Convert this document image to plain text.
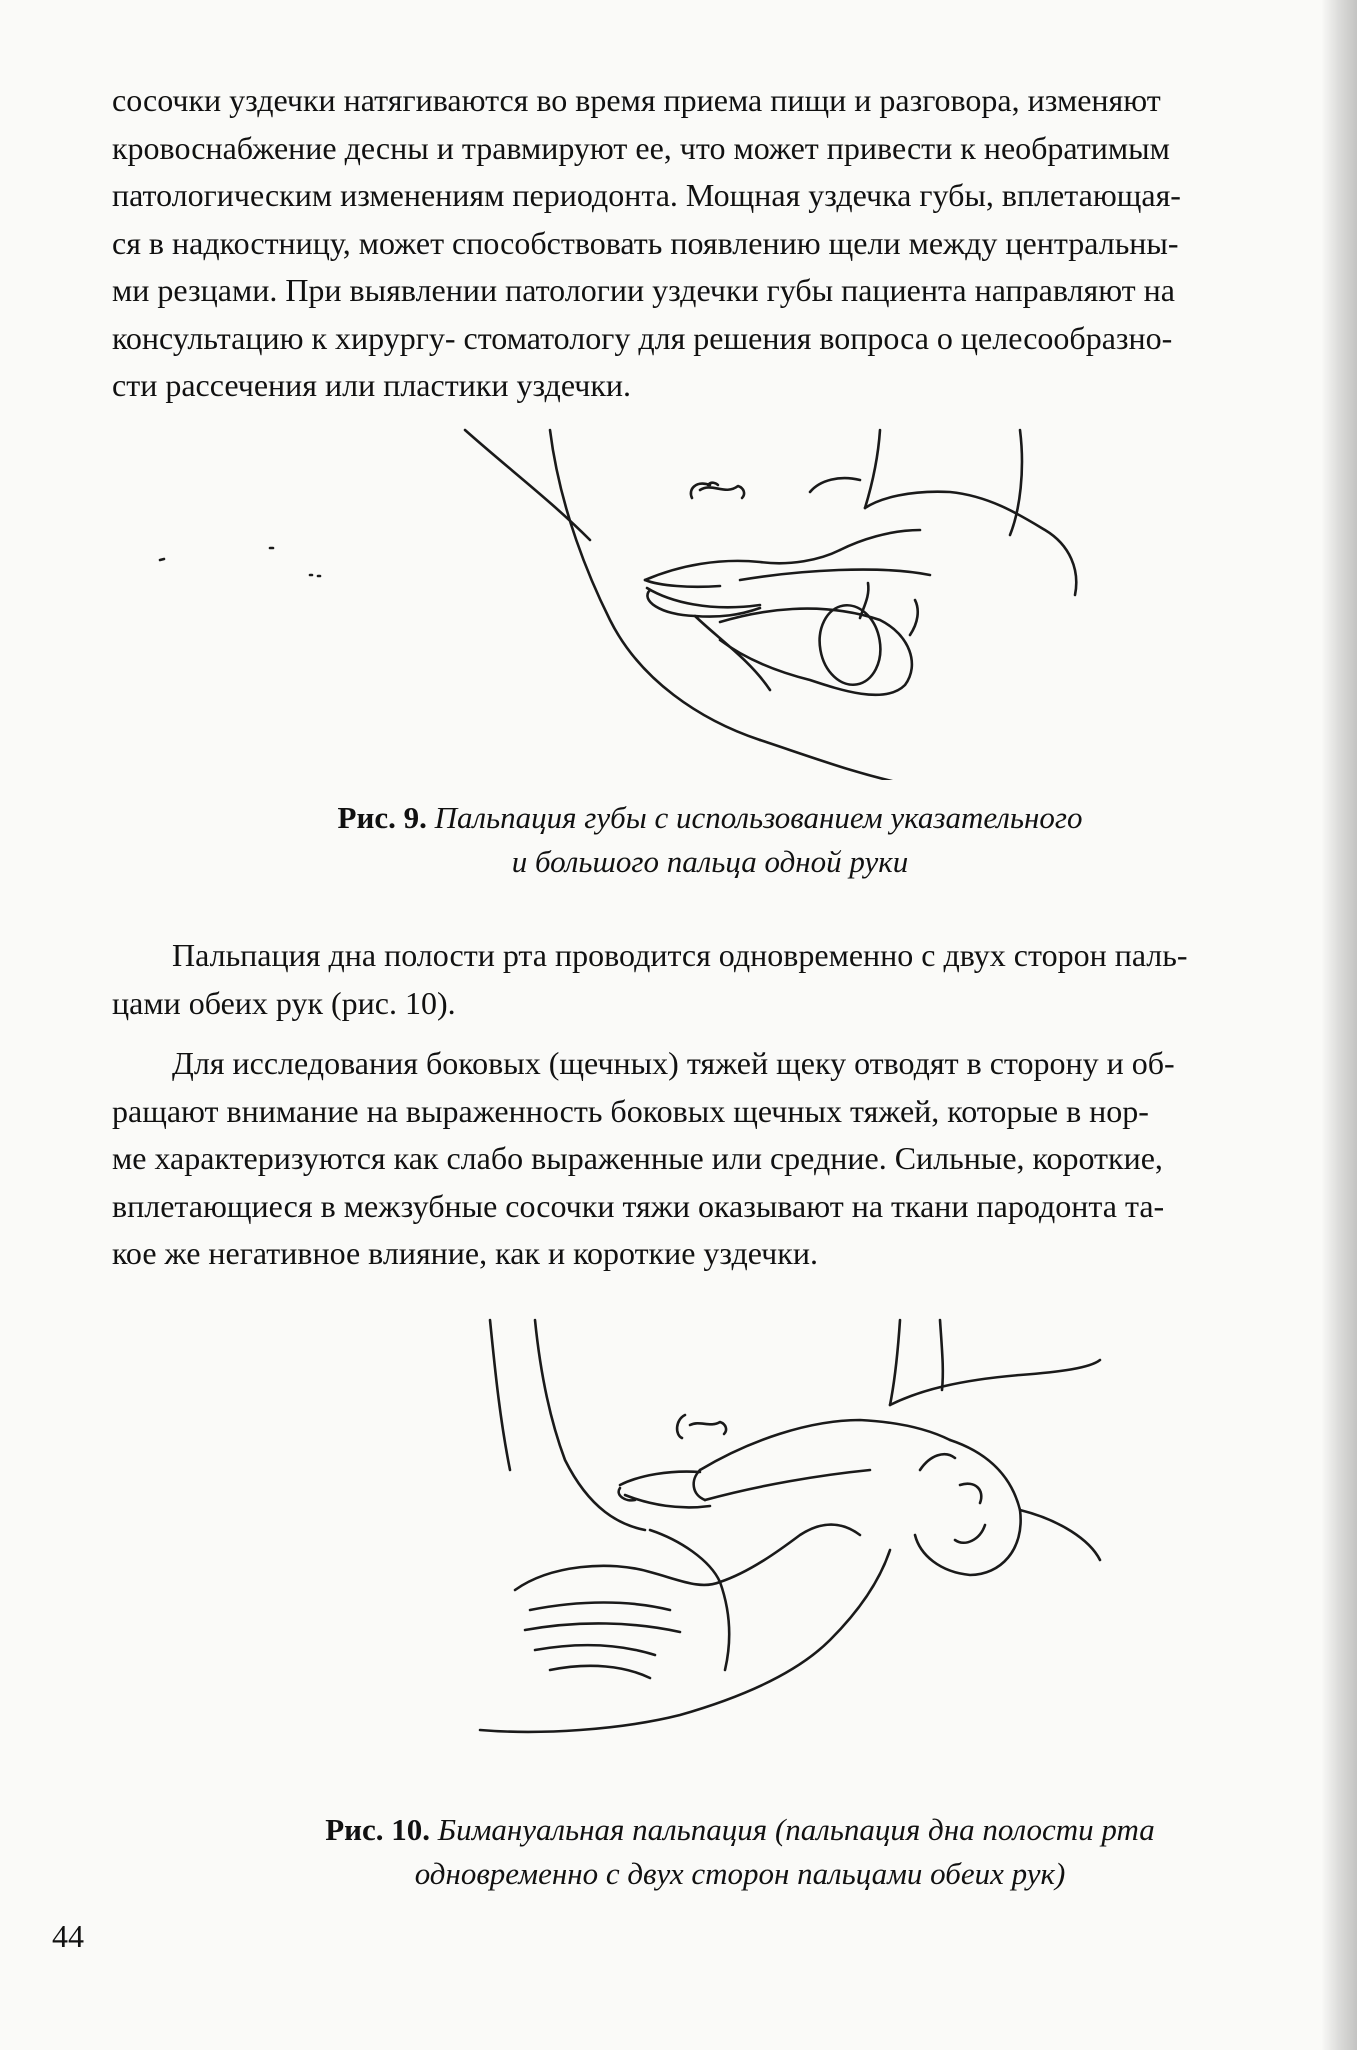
сосочки уздечки натягиваются во время приема пищи и разговора, изменяют
кровоснабжение десны и травмируют ее, что может привести к необратимым
патологическим изменениям периодонта. Мощная уздечка губы, вплетающая-
ся в надкостницу, может способствовать появлению щели между центральны-
ми резцами. При выявлении патологии уздечки губы пациента направляют на
консультацию к хирургу- стоматологу для решения вопроса о целесообразно-
сти рассечения или пластики уздечки.

Рис. 9. Пальпация губы с использованием указательного
и большого пальца одной руки

Пальпация дна полости рта проводится одновременно с двух сторон паль-
цами обеих рук (рис. 10).

Для исследования боковых (щечных) тяжей щеку отводят в сторону и об-
ращают внимание на выраженность боковых щечных тяжей, которые в нор-
ме характеризуются как слабо выраженные или средние. Сильные, короткие,
вплетающиеся в межзубные сосочки тяжи оказывают на ткани пародонта та-
кое же негативное влияние, как и короткие уздечки.

Рис. 10. Бимануальная пальпация (пальпация дна полости рта
одновременно с двух сторон пальцами обеих рук)
44
